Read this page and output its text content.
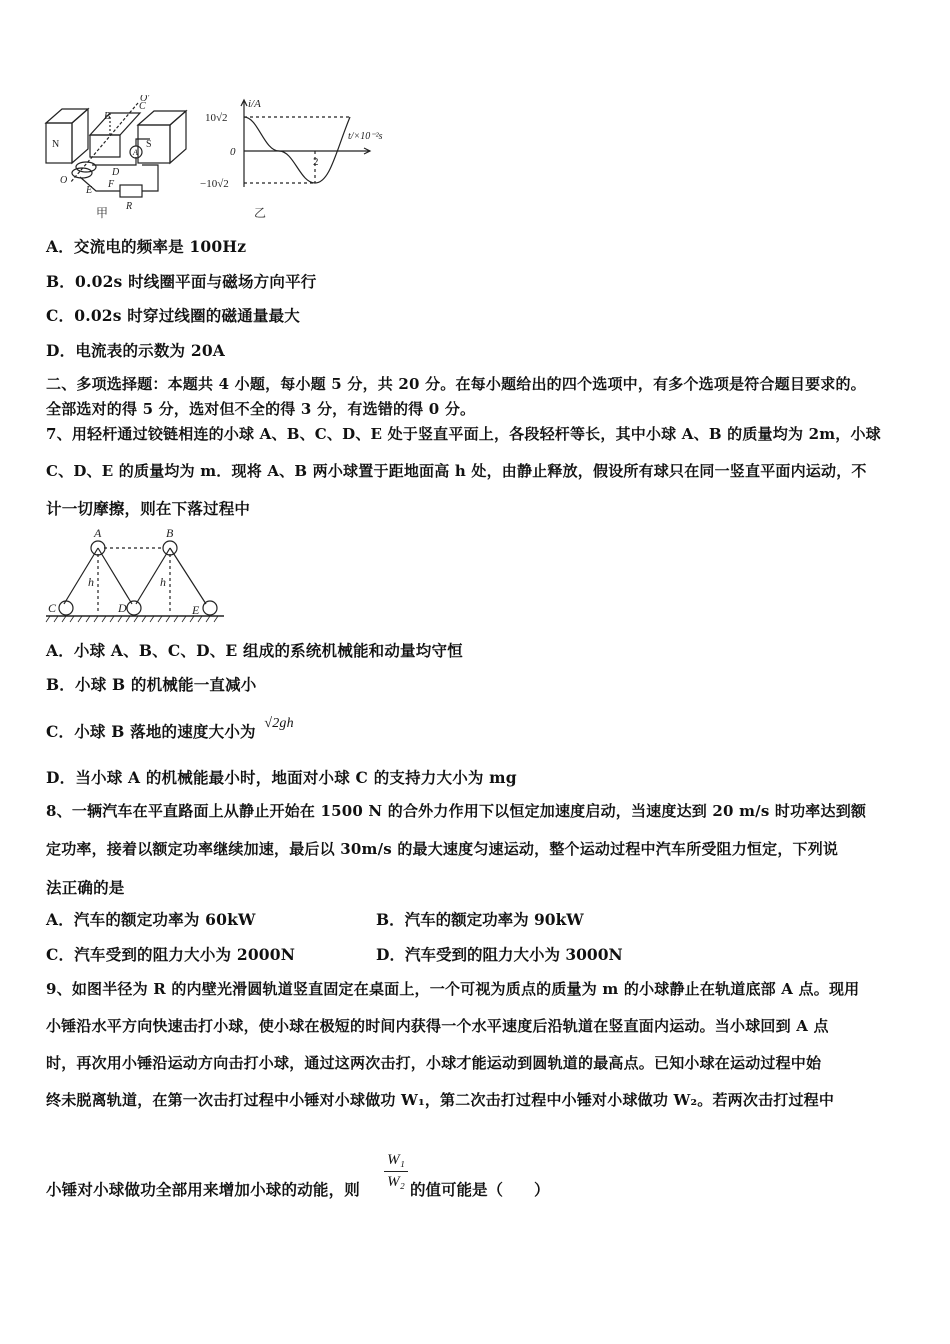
N	S
A
B
C
D
E
F
R
O
O'
甲
i/A
t/×10⁻²s
10√2
0
−10√2
2
乙
A．交流电的频率是 100Hz
B．0.02s 时线圈平面与磁场方向平行
C．0.02s 时穿过线圈的磁通量最大
D．电流表的示数为 20A
二、多项选择题：本题共 4 小题，每小题 5 分，共 20 分。在每小题给出的四个选项中，有多个选项是符合题目要求的。
全部选对的得 5 分，选对但不全的得 3 分，有选错的得 0 分。
7、用轻杆通过铰链相连的小球 A、B、C、D、E 处于竖直平面上，各段轻杆等长，其中小球 A、B 的质量均为 2m，小球
C、D、E 的质量均为 m．现将 A、B 两小球置于距地面高 h 处，由静止释放，假设所有球只在同一竖直平面内运动，不
计一切摩擦，则在下落过程中
A	B
C	D	E
h	h
A．小球 A、B、C、D、E 组成的系统机械能和动量均守恒
B．小球 B 的机械能一直减小
C．小球 B 落地的速度大小为 √2gh
D．当小球 A 的机械能最小时，地面对小球 C 的支持力大小为 mg
8、一辆汽车在平直路面上从静止开始在 1500 N 的合外力作用下以恒定加速度启动，当速度达到 20 m/s 时功率达到额
定功率，接着以额定功率继续加速，最后以 30m/s 的最大速度匀速运动，整个运动过程中汽车所受阻力恒定，下列说
法正确的是
A．汽车的额定功率为 60kW	B．汽车的额定功率为 90kW
C．汽车受到的阻力大小为 2000N	D．汽车受到的阻力大小为 3000N
9、如图半径为 R 的内壁光滑圆轨道竖直固定在桌面上，一个可视为质点的质量为 m 的小球静止在轨道底部 A 点。现用
小锤沿水平方向快速击打小球，使小球在极短的时间内获得一个水平速度后沿轨道在竖直面内运动。当小球回到 A 点
时，再次用小锤沿运动方向击打小球，通过这两次击打，小球才能运动到圆轨道的最高点。已知小球在运动过程中始
终未脱离轨道，在第一次击打过程中小锤对小球做功 W₁，第二次击打过程中小锤对小球做功 W₂。若两次击打过程中
小锤对小球做功全部用来增加小球的动能，则
W₁
W₂ 的值可能是（　　）
